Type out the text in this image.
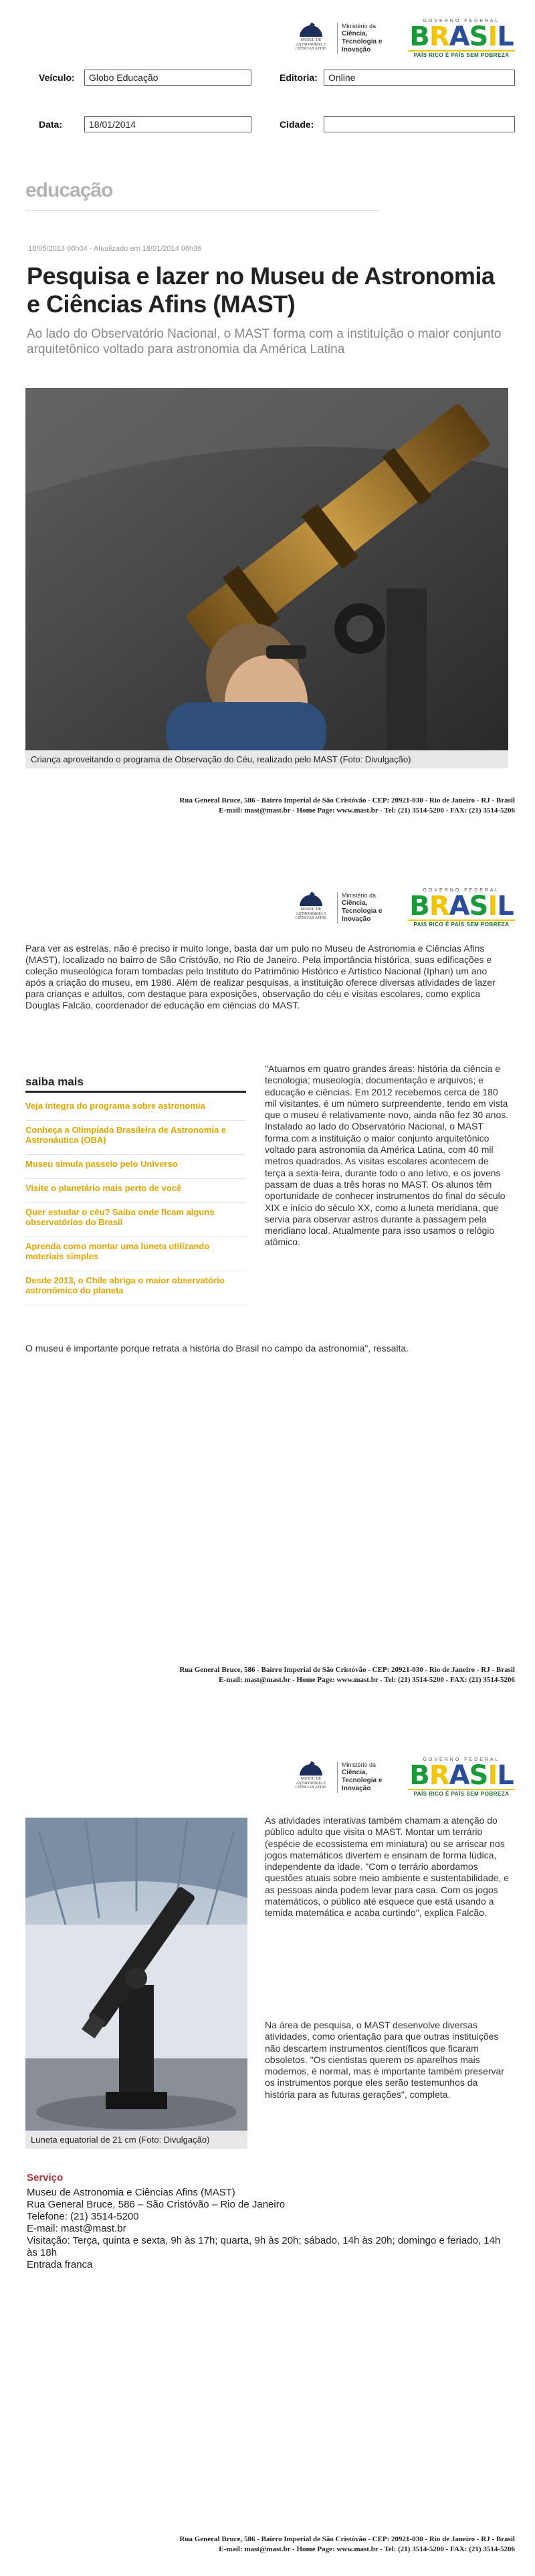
MUSEU DE ASTRONOMIA E CIÊNCIAS AFINS
Ministério da
Ciência, Tecnologia e Inovação
GOVERNO FEDERAL
BRASIL
PAÍS RICO É PAÍS SEM POBREZA
Veículo:	Globo Educação	Editoria:	Online
Data:	18/01/2014	Cidade:
educação
18/05/2013 06h04 - Atualizado em 18/01/2014 06h36
Pesquisa e lazer no Museu de Astronomia e Ciências Afins (MAST)
Ao lado do Observatório Nacional, o MAST forma com a instituição o maior conjunto arquitetônico voltado para astronomia da América Latina
Criança aproveitando o programa de Observação do Céu, realizado pelo MAST (Foto: Divulgação)
Rua General Bruce, 586 - Bairro Imperial de São Cristóvão - CEP: 20921-030 - Rio de Janeiro - RJ - Brasil
E-mail: mast@mast.br - Home Page: www.mast.br - Tel: (21) 3514-5200 - FAX: (21) 3514-5206
MUSEU DE ASTRONOMIA E CIÊNCIAS AFINS
Ministério da
Ciência, Tecnologia e Inovação
GOVERNO FEDERAL
BRASIL
PAÍS RICO É PAÍS SEM POBREZA
Para ver as estrelas, não é preciso ir muito longe, basta dar um pulo no Museu de Astronomia e Ciências Afins (MAST), localizado no bairro de São Cristóvão, no Rio de Janeiro. Pela importância histórica, suas edificações e coleção museológica foram tombadas pelo Instituto do Patrimônio Histórico e Artístico Nacional (Iphan) um ano após a criação do museu, em 1986. Além de realizar pesquisas, a instituição oferece diversas atividades de lazer para crianças e adultos, com destaque para exposições, observação do céu e visitas escolares, como explica Douglas Falcão, coordenador de educação em ciências do MAST.
saiba mais
Veja íntegra do programa sobre astronomia
Conheça a Olimpíada Brasileira de Astronomia e Astronáutica (OBA)
Museu simula passeio pelo Universo
Visite o planetário mais perto de você
Quer estudar o céu? Saiba onde ficam alguns observatórios do Brasil
Aprenda como montar uma luneta utilizando materiais simples
Desde 2013, o Chile abriga o maior observatório astronômico do planeta
"Atuamos em quatro grandes áreas: história da ciência e tecnologia; museologia; documentação e arquivos; e educação e ciências. Em 2012 recebemos cerca de 180 mil visitantes, é um número surpreendente, tendo em vista que o museu é relativamente novo, ainda não fez 30 anos. Instalado ao lado do Observatório Nacional, o MAST forma com a instituição o maior conjunto arquitetônico voltado para astronomia da América Latina, com 40 mil metros quadrados. As visitas escolares acontecem de terça a sexta-feira, durante todo o ano letivo, e os jovens passam de duas a três horas no MAST. Os alunos têm oportunidade de conhecer instrumentos do final do século XIX e início do século XX, como a luneta meridiana, que servia para observar astros durante a passagem pela meridiano local. Atualmente para isso usamos o relógio atômico.
O museu é importante porque retrata a história do Brasil no campo da astronomia", ressalta.
Rua General Bruce, 586 - Bairro Imperial de São Cristóvão - CEP: 20921-030 - Rio de Janeiro - RJ - Brasil
E-mail: mast@mast.br - Home Page: www.mast.br - Tel: (21) 3514-5200 - FAX: (21) 3514-5206
MUSEU DE ASTRONOMIA E CIÊNCIAS AFINS
Ministério da
Ciência, Tecnologia e Inovação
GOVERNO FEDERAL
BRASIL
PAÍS RICO É PAÍS SEM POBREZA
Luneta equatorial de 21 cm (Foto: Divulgação)
As atividades interativas também chamam a atenção do público adulto que visita o MAST. Montar um terrário (espécie de ecossistema em miniatura) ou se arriscar nos jogos matemáticos divertem e ensinam de forma lúdica, independente da idade. "Com o terrário abordamos questões atuais sobre meio ambiente e sustentabilidade, e as pessoas ainda podem levar para casa. Com os jogos matemáticos, o público até esquece que está usando a temida matemática e acaba curtindo", explica Falcão.
Na área de pesquisa, o MAST desenvolve diversas atividades, como orientação para que outras instituições não descartem instrumentos científicos que ficaram obsoletos. "Os cientistas querem os aparelhos mais modernos, é normal, mas é importante também preservar os instrumentos porque eles serão testemunhos da história para as futuras gerações", completa.
Serviço
Museu de Astronomia e Ciências Afins (MAST)
Rua General Bruce, 586 – São Cristóvão – Rio de Janeiro
Telefone: (21) 3514-5200
E-mail: mast@mast.br
Visitação: Terça, quinta e sexta, 9h às 17h; quarta, 9h às 20h; sábado, 14h às 20h; domingo e feriado, 14h às 18h
Entrada franca
Rua General Bruce, 586 - Bairro Imperial de São Cristóvão - CEP: 20921-030 - Rio de Janeiro - RJ - Brasil
E-mail: mast@mast.br - Home Page: www.mast.br - Tel: (21) 3514-5200 - FAX: (21) 3514-5206
